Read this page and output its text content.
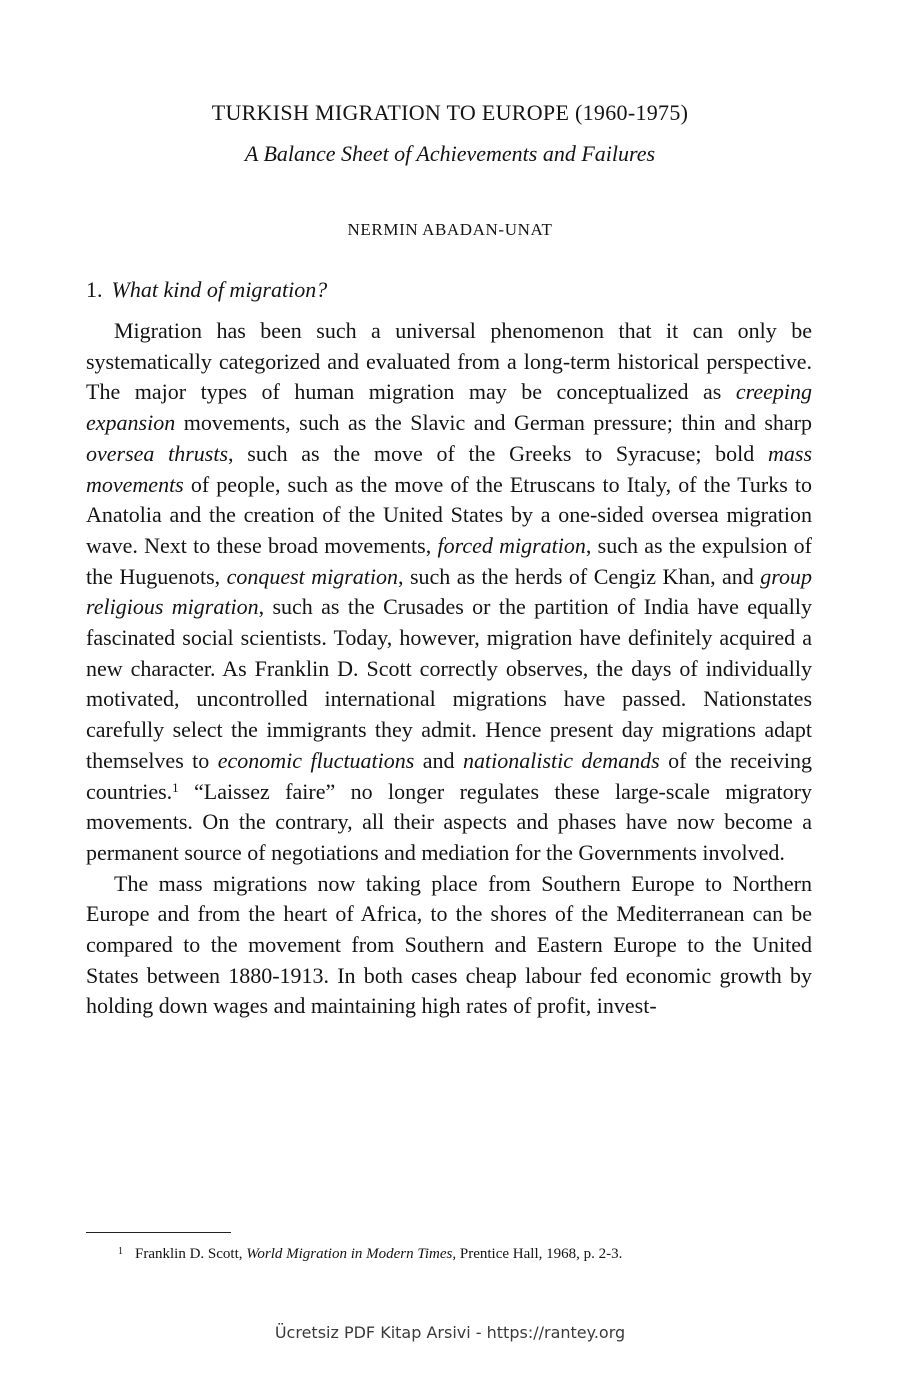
TURKISH MIGRATION TO EUROPE (1960-1975)
A Balance Sheet of Achievements and Failures
NERMIN ABADAN-UNAT
1. What kind of migration?

Migration has been such a universal phenomenon that it can only be systematically categorized and evaluated from a long-term historical perspective. The major types of human migration may be conceptualized as creeping expansion movements, such as the Slavic and German pressure; thin and sharp oversea thrusts, such as the move of the Greeks to Syracuse; bold mass movements of people, such as the move of the Etruscans to Italy, of the Turks to Anatolia and the creation of the United States by a one-sided oversea migration wave. Next to these broad movements, forced migration, such as the expulsion of the Huguenots, conquest migration, such as the herds of Cengiz Khan, and group religious migration, such as the Crusades or the partition of India have equally fascinated social scientists. Today, however, migration have definitely acquired a new character. As Franklin D. Scott correctly observes, the days of individually motivated, uncontrolled international migrations have passed. Nationstates carefully select the immigrants they admit. Hence present day migrations adapt themselves to economic fluctuations and nationalistic demands of the receiving countries.$^1$ “Laissez faire” no longer regulates these large-scale migratory movements. On the contrary, all their aspects and phases have now become a permanent source of negotiations and mediation for the Governments involved.

The mass migrations now taking place from Southern Europe to Northern Europe and from the heart of Africa, to the shores of the Mediterranean can be compared to the movement from Southern and Eastern Europe to the United States between 1880-1913. In both cases cheap labour fed economic growth by holding down wages and maintaining high rates of profit, invest-

$^1$ Franklin D. Scott, World Migration in Modern Times, Prentice Hall, 1968, p. 2-3.
Ücretsiz PDF Kitap Arsivi - https://rantey.org
